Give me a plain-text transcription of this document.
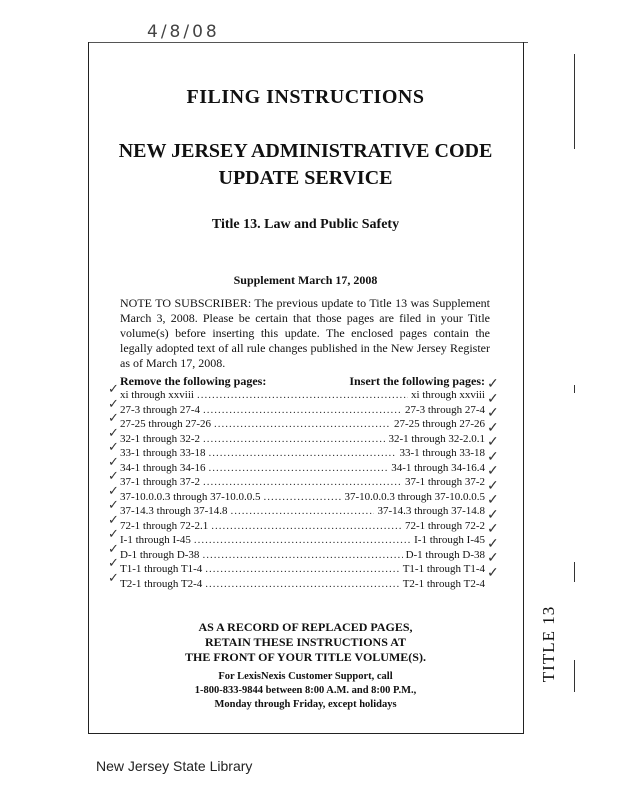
4/8/08
TITLE 13
FILING INSTRUCTIONS
NEW JERSEY ADMINISTRATIVE CODE
UPDATE SERVICE
Title 13. Law and Public Safety
Supplement March 17, 2008
NOTE TO SUBSCRIBER: The previous update to Title 13 was Supplement March 3, 2008. Please be certain that those pages are filed in your Title volume(s) before inserting this update. The enclosed pages contain the legally adopted text of all rule changes published in the New Jersey Register as of March 17, 2008.
Remove the following pages:	Insert the following pages:
✓
✓
✓
✓
✓
✓
✓
✓
✓
✓
✓
✓
✓
✓
✓
✓
✓
✓
✓
✓
✓
✓
✓
✓
✓
✓
✓
✓
xi through xxviii .....	xi through xxviii
27-3 through 27-4 .....	27-3 through 27-4
27-25 through 27-26 .....	27-25 through 27-26
32-1 through 32-2 .....	32-1 through 32-2.0.1
33-1 through 33-18 .....	33-1 through 33-18
34-1 through 34-16 .....	34-1 through 34-16.4
37-1 through 37-2 .....	37-1 through 37-2
37-10.0.0.3 through 37-10.0.0.5 .....	37-10.0.0.3 through 37-10.0.0.5
37-14.3 through 37-14.8 .....	37-14.3 through 37-14.8
72-1 through 72-2.1 .....	72-1 through 72-2
I-1 through I-45 .....	I-1 through I-45
D-1 through D-38 .....	D-1 through D-38
T1-1 through T1-4 .....	T1-1 through T1-4
T2-1 through T2-4 .....	T2-1 through T2-4
AS A RECORD OF REPLACED PAGES,
RETAIN THESE INSTRUCTIONS AT
THE FRONT OF YOUR TITLE VOLUME(S).
For LexisNexis Customer Support, call
1-800-833-9844 between 8:00 A.M. and 8:00 P.M.,
Monday through Friday, except holidays
New Jersey State Library
